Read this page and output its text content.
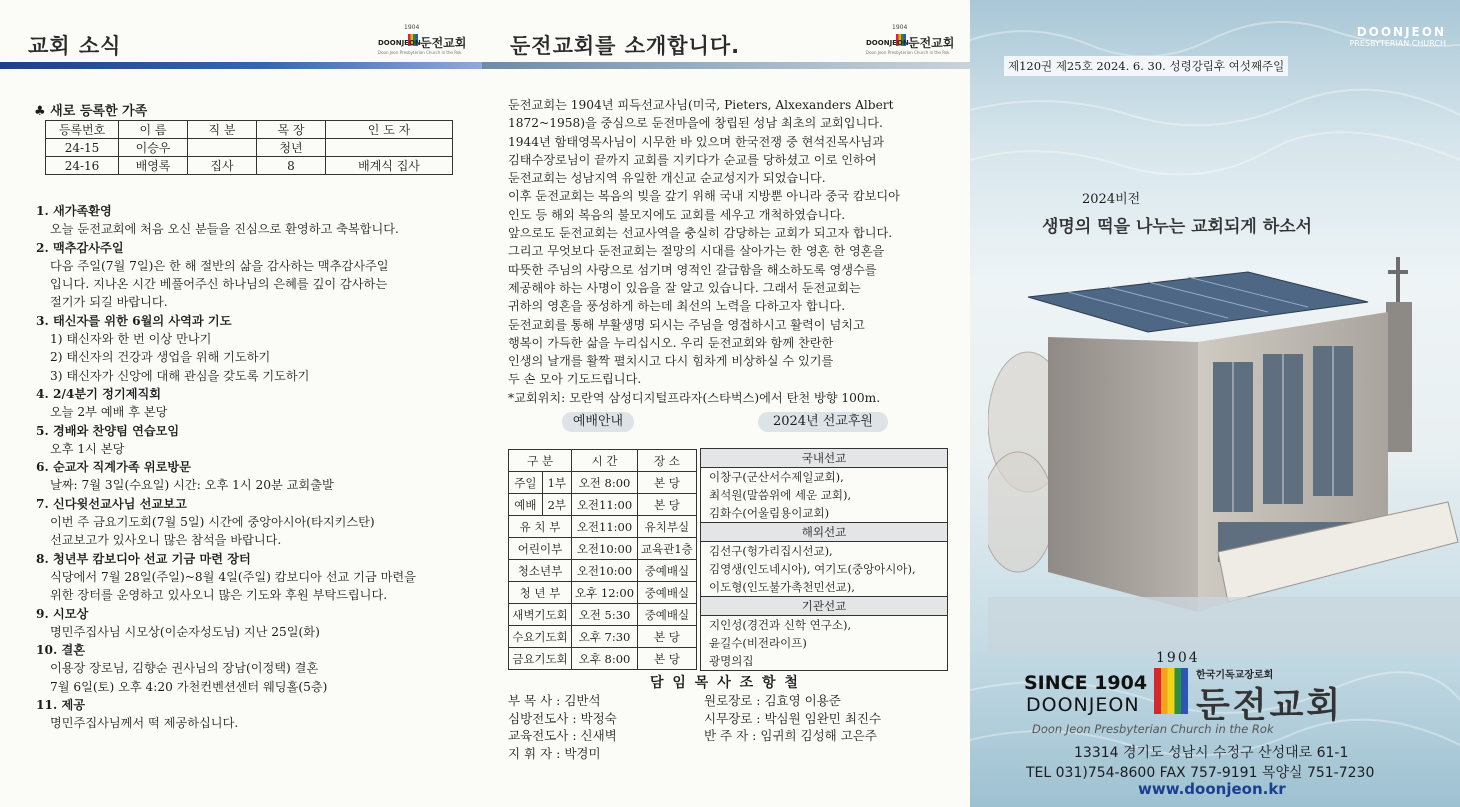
교회 소식
1904
DOONJEON 둔전교회
Doon Jeon Presbyterian Church in the Rok
♣ 새로 등록한 가족
등록번호	이 름	직 분	목 장	인 도 자
24-15	이승우		청년	
24-16	배영록	집사	8	배계식 집사
1. 새가족환영
오늘 둔전교회에 처음 오신 분들을 진심으로 환영하고 축복합니다.
2. 맥추감사주일
다음 주일(7월 7일)은 한 해 절반의 삶을 감사하는 맥추감사주일
입니다. 지나온 시간 베풀어주신 하나님의 은혜를 깊이 감사하는
절기가 되길 바랍니다.
3. 태신자를 위한 6월의 사역과 기도
1) 태신자와 한 번 이상 만나기
2) 태신자의 건강과 생업을 위해 기도하기
3) 태신자가 신앙에 대해 관심을 갖도록 기도하기
4. 2/4분기 정기제직회
오늘 2부 예배 후 본당
5. 경배와 찬양팀 연습모임
오후 1시 본당
6. 순교자 직계가족 위로방문
날짜: 7월 3일(수요일) 시간: 오후 1시 20분 교회출발
7. 신다윗선교사님 선교보고
이번 주 금요기도회(7월 5일) 시간에 중앙아시아(타지키스탄)
선교보고가 있사오니 많은 참석을 바랍니다.
8. 청년부 캄보디아 선교 기금 마련 장터
식당에서 7월 28일(주일)~8월 4일(주일) 캄보디아 선교 기금 마련을
위한 장터를 운영하고 있사오니 많은 기도와 후원 부탁드립니다.
9. 시모상
명민주집사님 시모상(이순자성도님) 지난 25일(화)
10. 결혼
이용장 장로님, 김향순 권사님의 장남(이정택) 결혼
7월 6일(토) 오후 4:20 가천컨벤션센터 웨딩홀(5층)
11. 제공
명민주집사님께서 떡 제공하십니다.
둔전교회를 소개합니다.
1904
DOONJEON 둔전교회
Doon Jeon Presbyterian Church in the Rok
둔전교회는 1904년 피득선교사님(미국, Pieters, Alxexanders Albert
1872~1958)을 중심으로 둔전마을에 창립된 성남 최초의 교회입니다.
1944년 함태영목사님이 시무한 바 있으며 한국전쟁 중 현석진목사님과
김태수장로님이 끝까지 교회를 지키다가 순교를 당하셨고 이로 인하여
둔전교회는 성남지역 유일한 개신교 순교성지가 되었습니다.
이후 둔전교회는 복음의 빚을 갚기 위해 국내 지방뿐 아니라 중국 캄보디아
인도 등 해외 복음의 불모지에도 교회를 세우고 개척하였습니다.
앞으로도 둔전교회는 선교사역을 충실히 감당하는 교회가 되고자 합니다.
그리고 무엇보다 둔전교회는 절망의 시대를 살아가는 한 영혼 한 영혼을
따뜻한 주님의 사랑으로 섬기며 영적인 갈급함을 해소하도록 영생수를
제공해야 하는 사명이 있음을 잘 알고 있습니다. 그래서 둔전교회는
귀하의 영혼을 풍성하게 하는데 최선의 노력을 다하고자 합니다.
둔전교회를 통해 부활생명 되시는 주님을 영접하시고 활력이 넘치고
행복이 가득한 삶을 누리십시오. 우리 둔전교회와 함께 찬란한
인생의 날개를 활짝 펼치시고 다시 힘차게 비상하실 수 있기를
두 손 모아 기도드립니다.
*교회위치: 모란역 삼성디지털프라자(스타벅스)에서 탄천 방향 100m.
예배안내	2024년 선교후원
구 분		시 간	장 소
주일	1부	오전 8:00	본 당
예배	2부	오전11:00	본 당
유 치 부		오전11:00	유치부실
어린이부		오전10:00	교육관1층
청소년부		오전10:00	중예배실
청 년 부		오후 12:00	중예배실
새벽기도회		오전 5:30	중예배실
수요기도회		오후 7:30	본 당
금요기도회		오후 8:00	본 당
국내선교
이창구(군산서수제일교회),
최석원(말씀위에 세운 교회),
김화수(어울림용이교회)
해외선교
김선구(헝가리집시선교),
김영생(인도네시아), 여기도(중앙아시아),
이도형(인도불가촉천민선교),
기관선교
지인성(경건과 신학 연구소),
윤길수(비전라이프)
광명의집
담 임 목 사 조 항 철
부 목 사 : 김반석
심방전도사 : 박정숙
교육전도사 : 신새벽
지 휘 자 : 박경미
원로장로 : 김효영 이용준
시무장로 : 박심원 임완민 최진수
반 주 자 : 임귀희 김성해 고은주
DOONJEON
PRESBYTERIAN CHURCH
제120권 제25호 2024. 6. 30. 성령강림후 여섯째주일
2024비전
생명의 떡을 나누는 교회되게 하소서
SINCE 1904
DOONJEON
1904
한국기독교장로회
둔전교회
Doon Jeon Presbyterian Church in the Rok
13314 경기도 성남시 수정구 산성대로 61-1
TEL 031)754-8600 FAX 757-9191 목양실 751-7230
www.doonjeon.kr
